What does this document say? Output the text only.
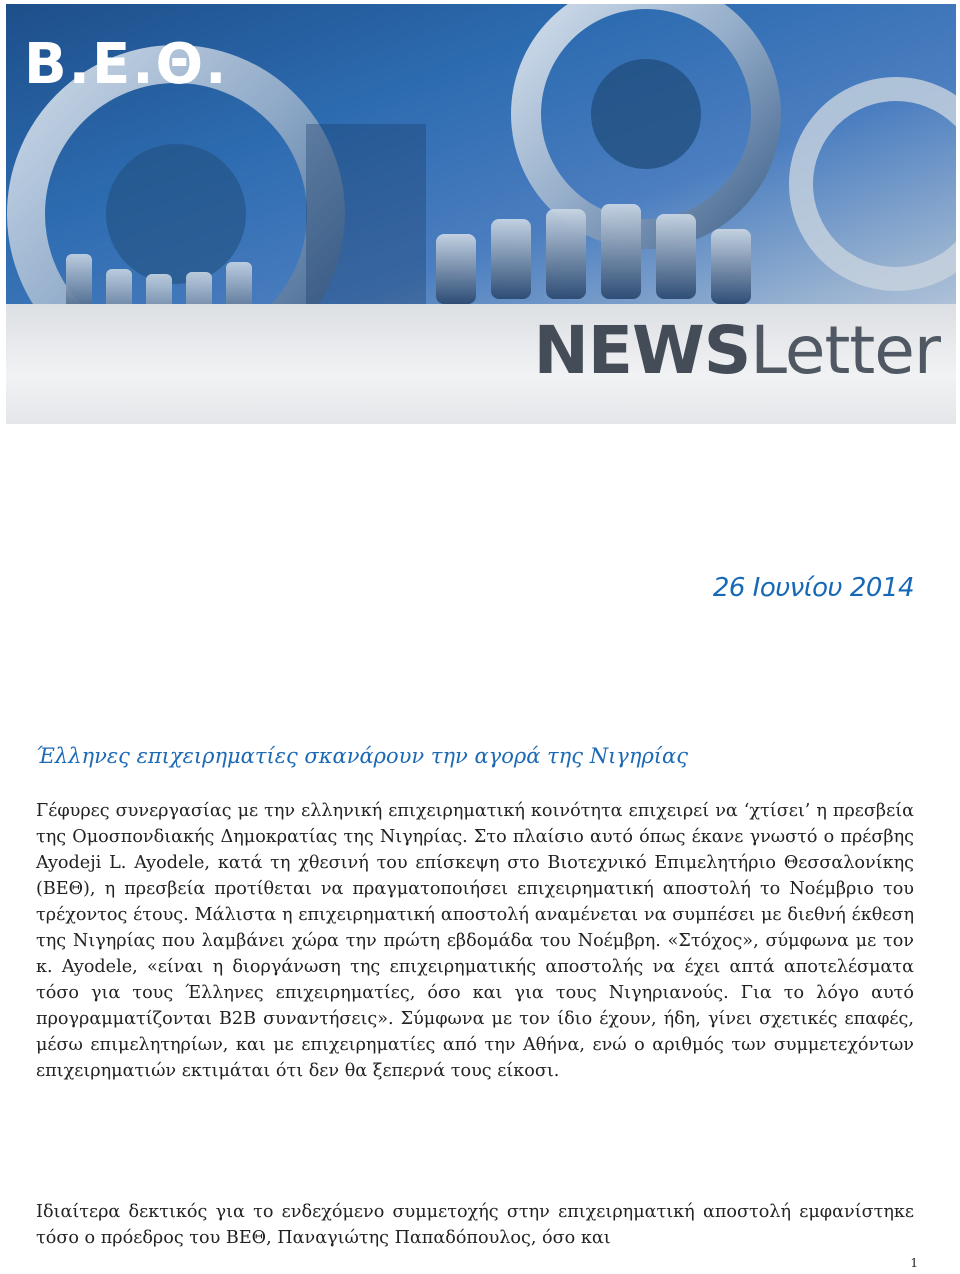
Β.Ε.Θ.
NEWSLetter
26 Ιουνίου 2014
Έλληνες επιχειρηματίες σκανάρουν την αγορά της Νιγηρίας

Γέφυρες συνεργασίας με την ελληνική επιχειρηματική κοινότητα επιχειρεί να ‘χτίσει’ η πρεσβεία της Ομοσπονδιακής Δημοκρατίας της Νιγηρίας. Στο πλαίσιο αυτό όπως έκανε γνωστό ο πρέσβης Ayodeji L. Ayodele, κατά τη χθεσινή του επίσκεψη στο Βιοτεχνικό Επιμελητήριο Θεσσαλονίκης (ΒΕΘ), η πρεσβεία προτίθεται να πραγματοποιήσει επιχειρηματική αποστολή το Νοέμβριο του τρέχοντος έτους. Μάλιστα η επιχειρηματική αποστολή αναμένεται να συμπέσει με διεθνή έκθεση της Νιγηρίας που λαμβάνει χώρα την πρώτη εβδομάδα του Νοέμβρη. «Στόχος», σύμφωνα με τον κ. Ayodele, «είναι η διοργάνωση της επιχειρηματικής αποστολής να έχει απτά αποτελέσματα τόσο για τους Έλληνες επιχειρηματίες, όσο και για τους Νιγηριανούς. Για το λόγο αυτό προγραμματίζονται B2B συναντήσεις». Σύμφωνα με τον ίδιο έχουν, ήδη, γίνει σχετικές επαφές, μέσω επιμελητηρίων, και με επιχειρηματίες από την Αθήνα, ενώ ο αριθμός των συμμετεχόντων επιχειρηματιών εκτιμάται ότι δεν θα ξεπερνά τους είκοσι.

Ιδιαίτερα δεκτικός για το ενδεχόμενο συμμετοχής στην επιχειρηματική αποστολή εμφανίστηκε τόσο ο πρόεδρος του ΒΕΘ, Παναγιώτης Παπαδόπουλος, όσο και

1
